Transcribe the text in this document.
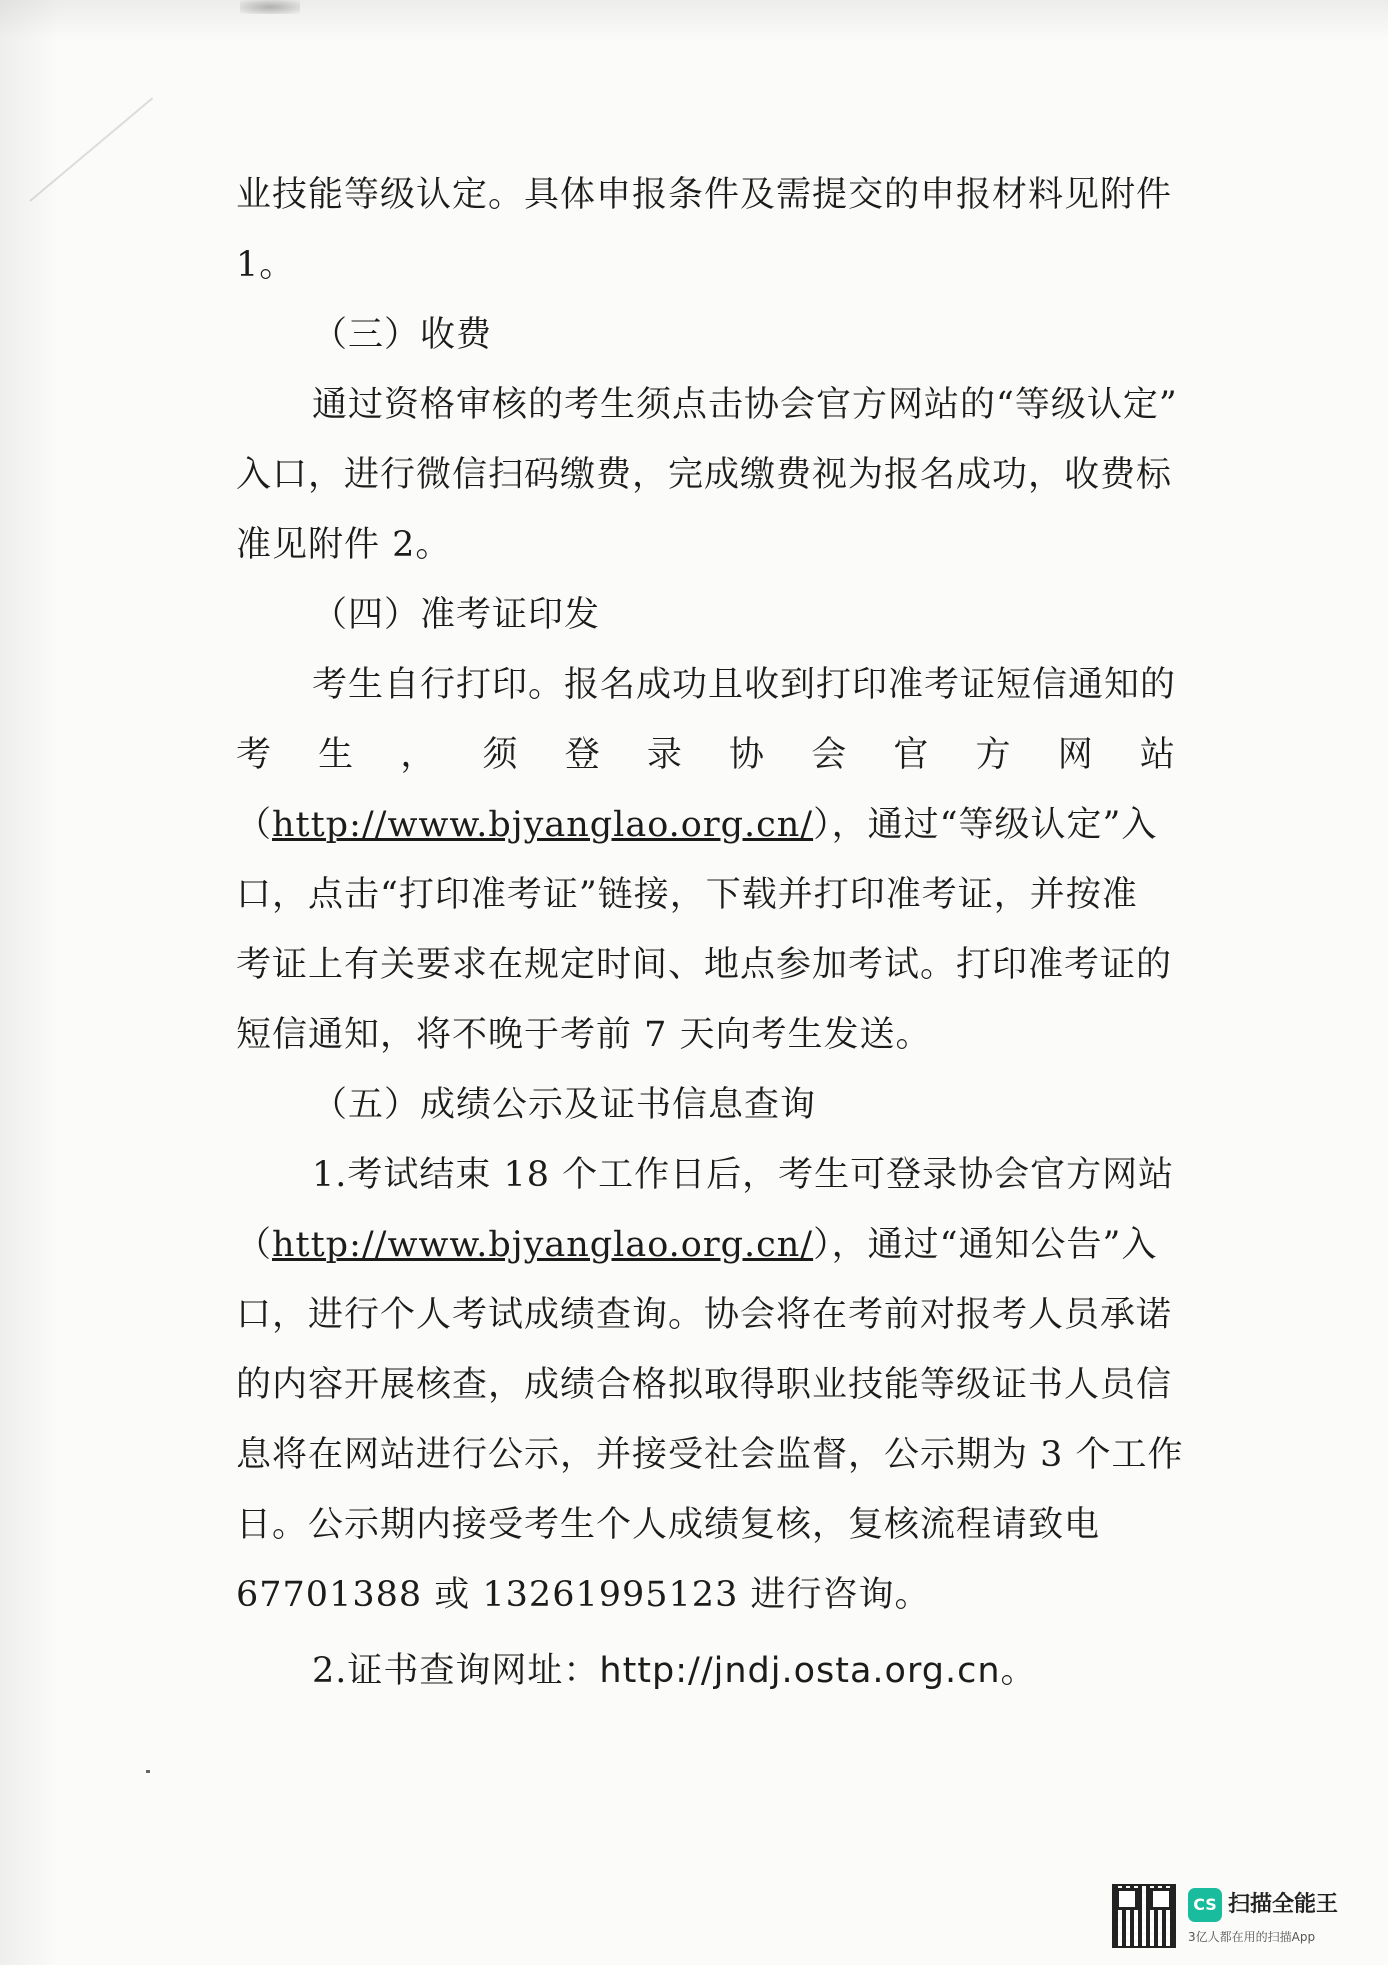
业技能等级认定。具体申报条件及需提交的申报材料见附件
1。
（三）收费
通过资格审核的考生须点击协会官方网站的“等级认定”
入口，进行微信扫码缴费，完成缴费视为报名成功，收费标
准见附件 2。
（四）准考证印发
考生自行打印。报名成功且收到打印准考证短信通知的
考 生 ， 须 登 录 协 会 官 方 网 站
（http://www.bjyanglao.org.cn/），通过“等级认定”入
口，点击“打印准考证”链接，下载并打印准考证，并按准
考证上有关要求在规定时间、地点参加考试。打印准考证的
短信通知，将不晚于考前 7 天向考生发送。
（五）成绩公示及证书信息查询
1.考试结束 18 个工作日后，考生可登录协会官方网站
（http://www.bjyanglao.org.cn/），通过“通知公告”入
口，进行个人考试成绩查询。协会将在考前对报考人员承诺
的内容开展核查，成绩合格拟取得职业技能等级证书人员信
息将在网站进行公示，并接受社会监督，公示期为 3 个工作
日。公示期内接受考生个人成绩复核，复核流程请致电
67701388 或 13261995123 进行咨询。
2.证书查询网址：http://jndj.osta.org.cn。
CS 扫描全能王
3亿人都在用的扫描App
